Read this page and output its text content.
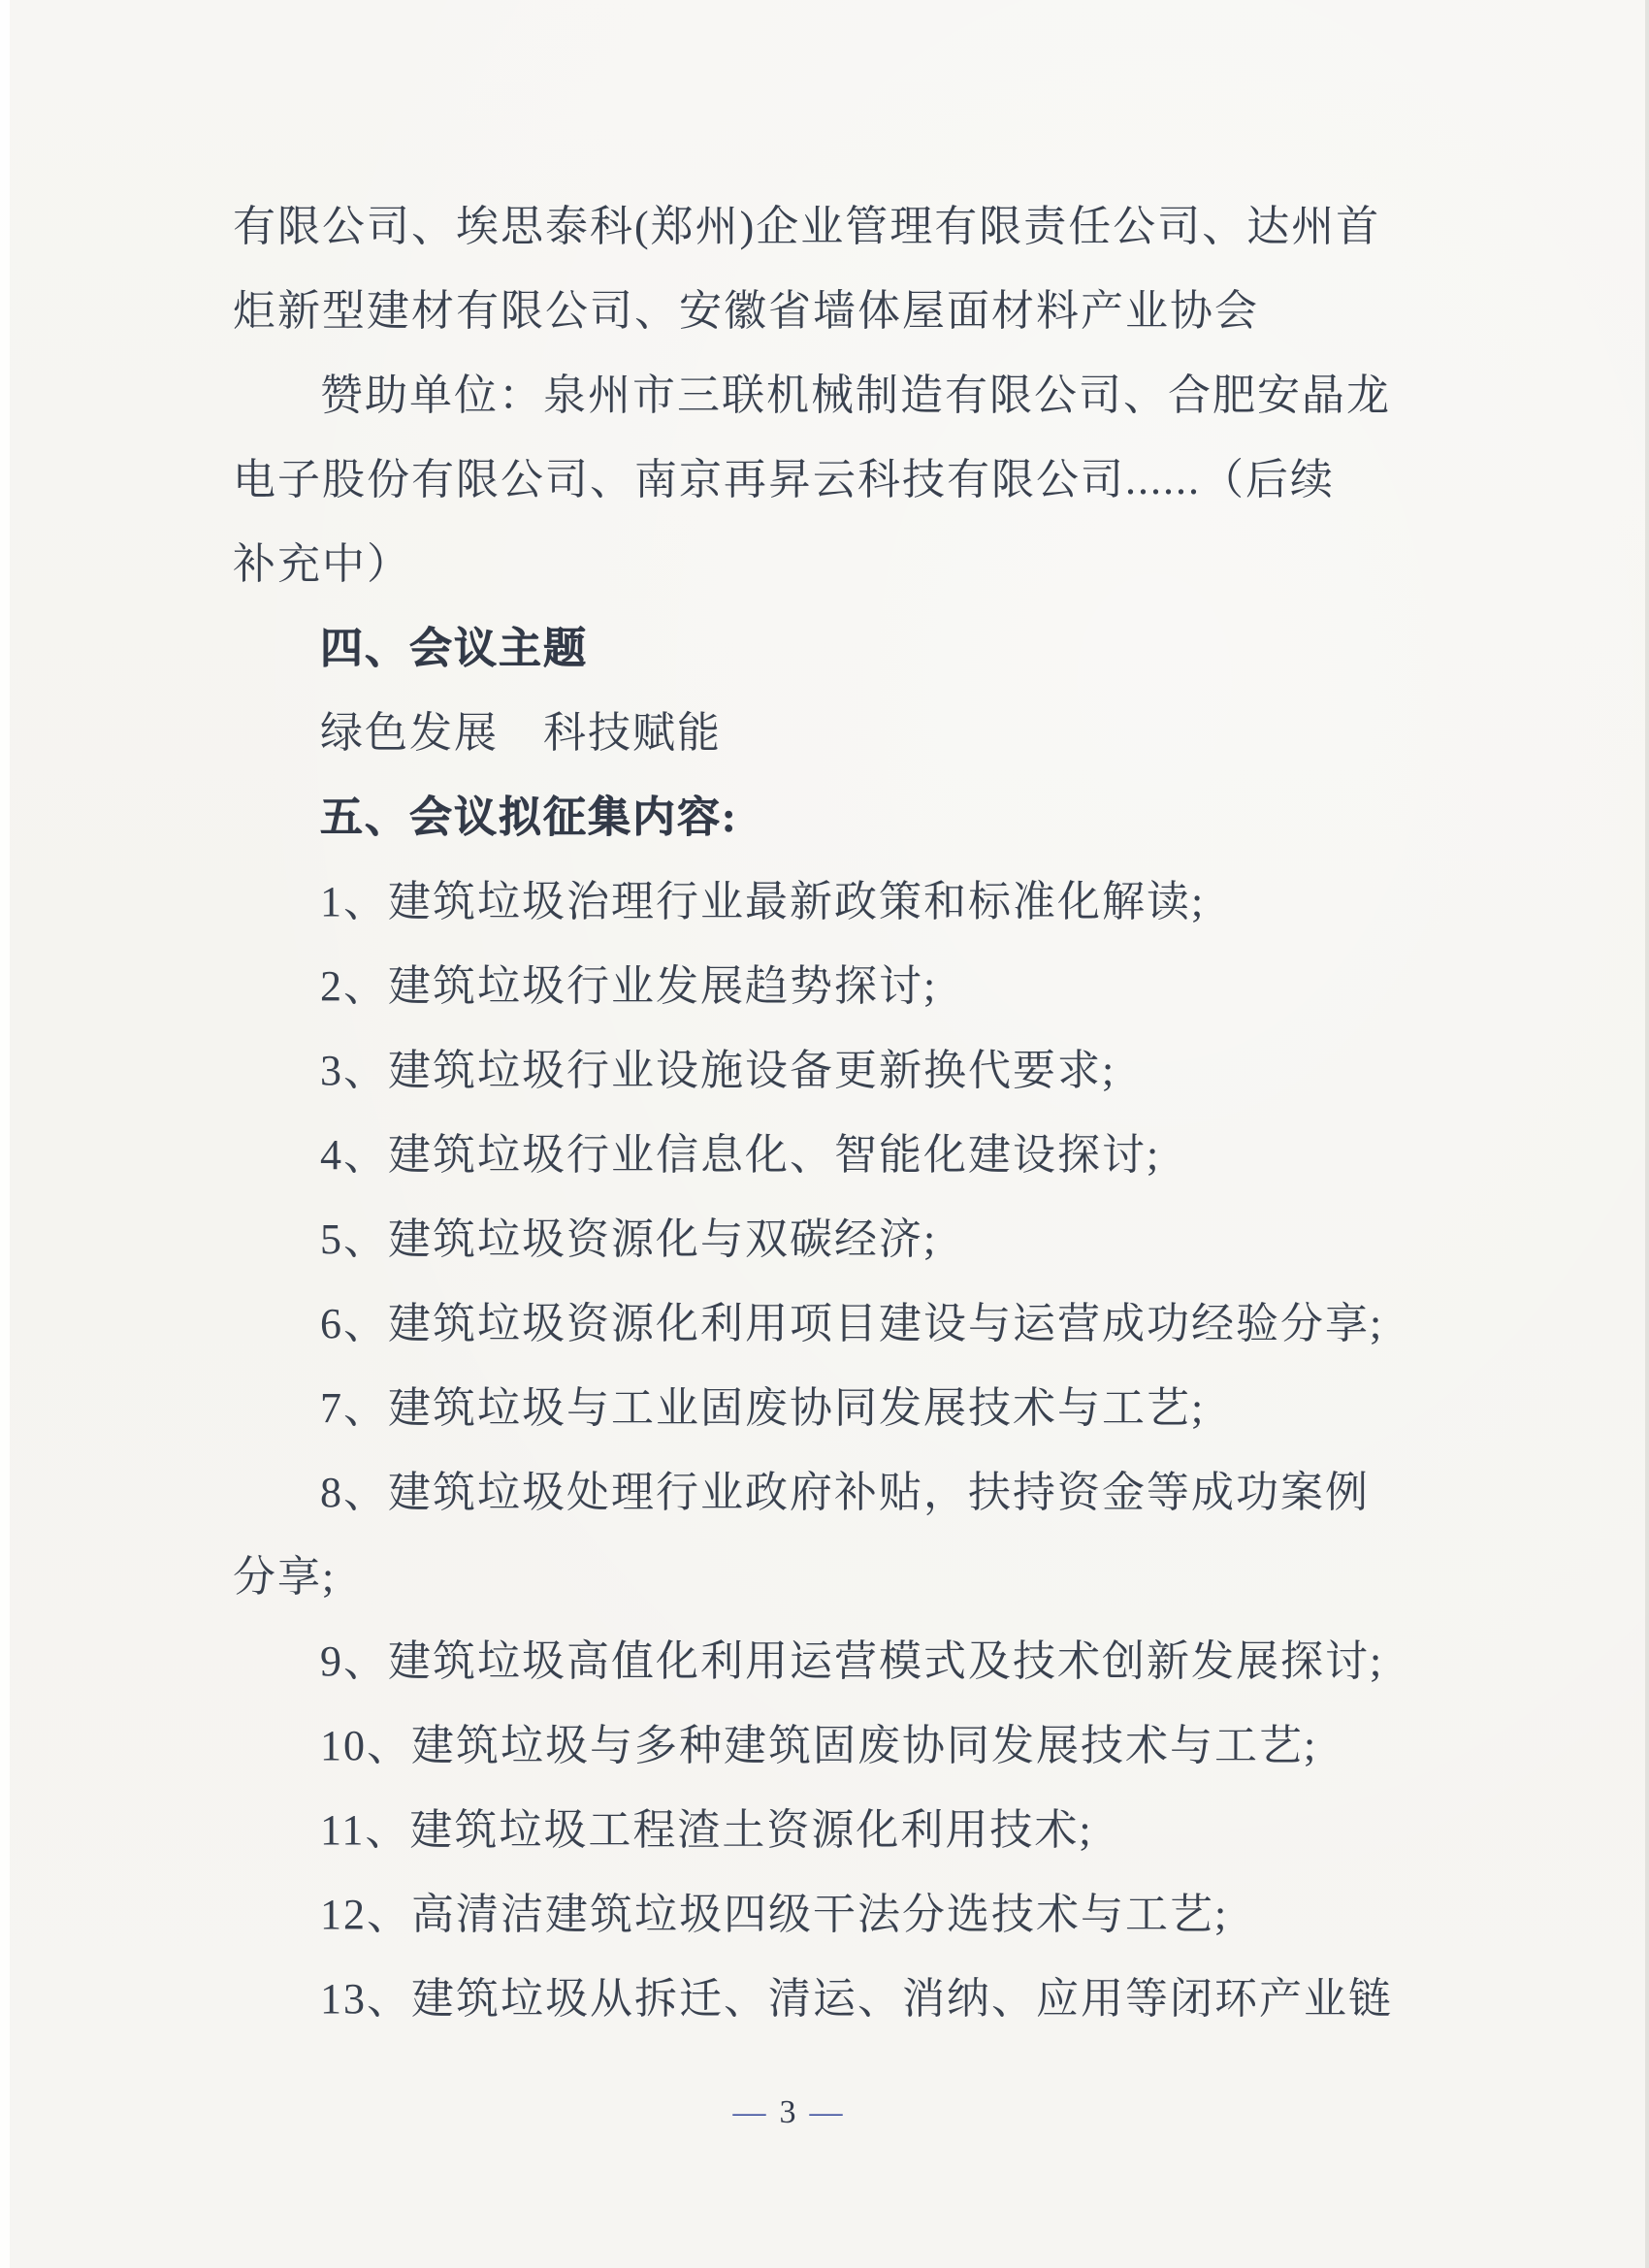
有限公司、埃思泰科(郑州)企业管理有限责任公司、达州首
炬新型建材有限公司、安徽省墙体屋面材料产业协会
赞助单位：泉州市三联机械制造有限公司、合肥安晶龙
电子股份有限公司、南京再昇云科技有限公司......（后续
补充中）
四、会议主题
绿色发展　科技赋能
五、会议拟征集内容:
1、建筑垃圾治理行业最新政策和标准化解读;
2、建筑垃圾行业发展趋势探讨;
3、建筑垃圾行业设施设备更新换代要求;
4、建筑垃圾行业信息化、智能化建设探讨;
5、建筑垃圾资源化与双碳经济;
6、建筑垃圾资源化利用项目建设与运营成功经验分享;
7、建筑垃圾与工业固废协同发展技术与工艺;
8、建筑垃圾处理行业政府补贴，扶持资金等成功案例
分享;
9、建筑垃圾高值化利用运营模式及技术创新发展探讨;
10、建筑垃圾与多种建筑固废协同发展技术与工艺;
11、建筑垃圾工程渣土资源化利用技术;
12、高清洁建筑垃圾四级干法分选技术与工艺;
13、建筑垃圾从拆迁、清运、消纳、应用等闭环产业链
— 3 —
